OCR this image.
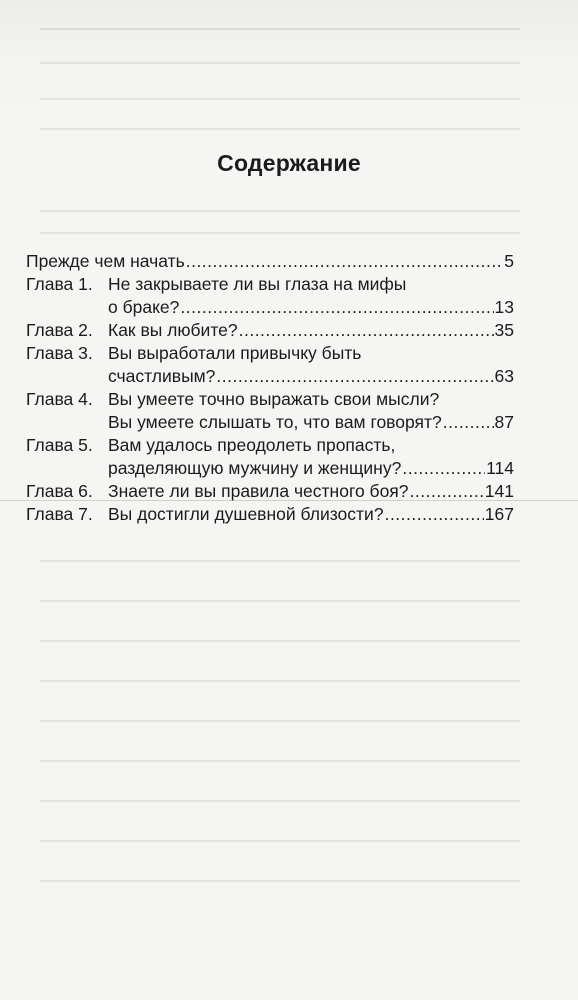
Содержание
Прежде чем начать .....	5
Глава 1. Не закрываете ли вы глаза на мифы
о браке? .....	13
Глава 2. Как вы любите? .....	35
Глава 3. Вы выработали привычку быть
счастливым? .....	63
Глава 4. Вы умеете точно выражать свои мысли?
Вы умеете слышать то, что вам говорят? .....	87
Глава 5. Вам удалось преодолеть пропасть,
разделяющую мужчину и женщину? .....	114
Глава 6. Знаете ли вы правила честного боя? .....	141
Глава 7. Вы достигли душевной близости? .....	167
